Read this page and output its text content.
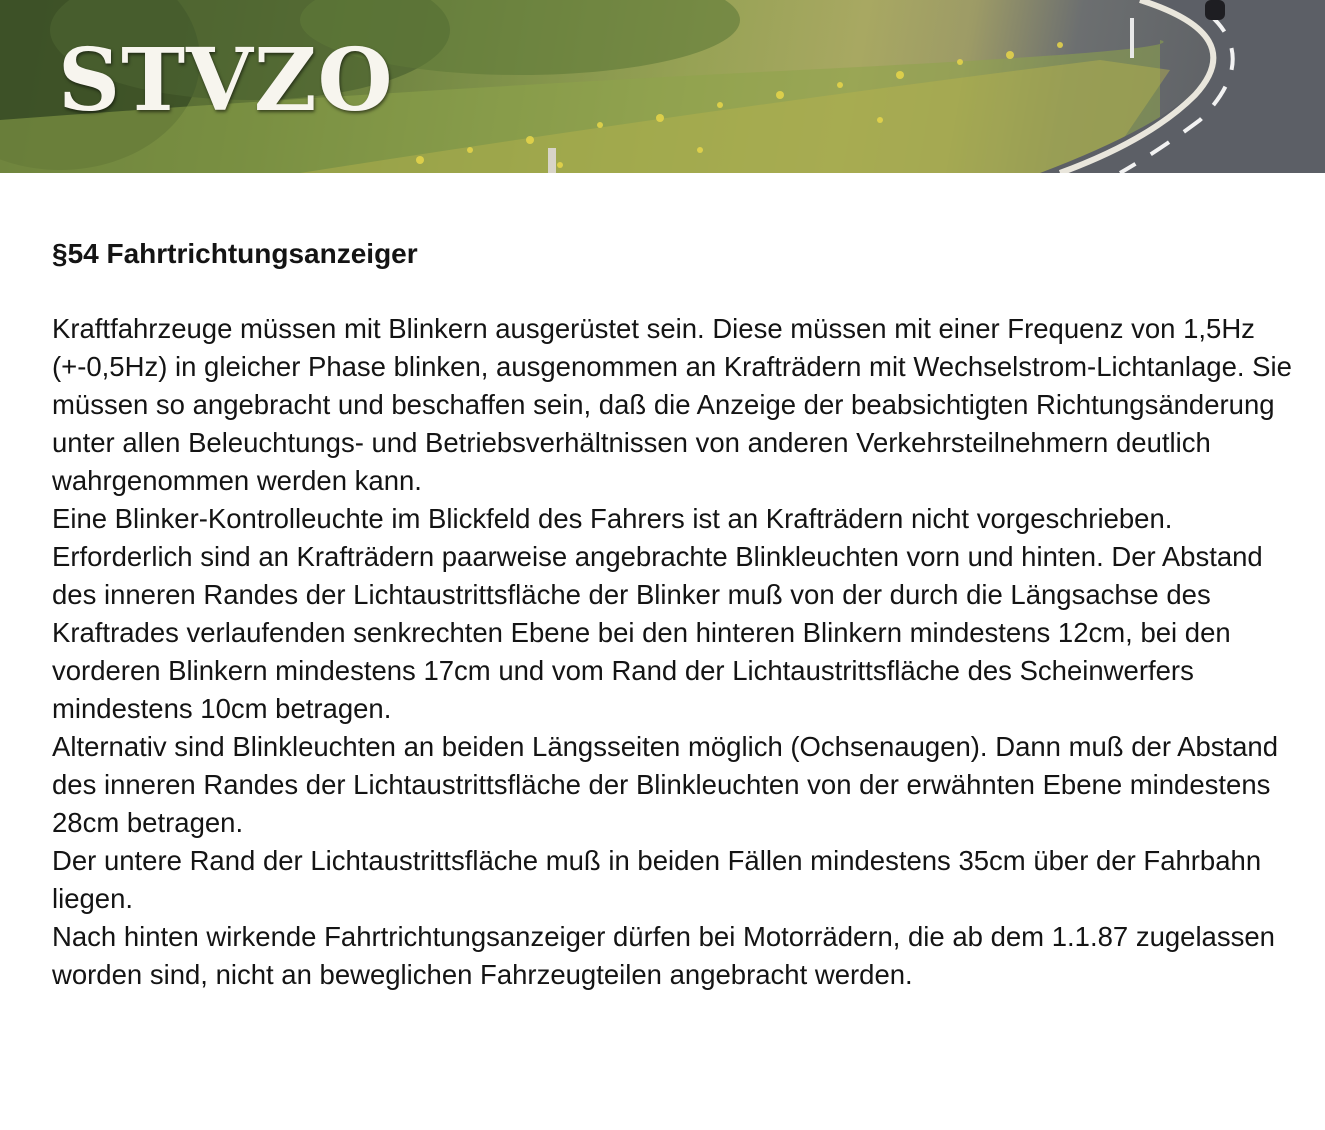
STVZO
§54 Fahrtrichtungsanzeiger

Kraftfahrzeuge müssen mit Blinkern ausgerüstet sein. Diese müssen mit einer Frequenz von 1,5Hz (+-0,5Hz) in gleicher Phase blinken, ausgenommen an Krafträdern mit Wechselstrom-Lichtanlage. Sie müssen so angebracht und beschaffen sein, daß die Anzeige der beabsichtigten Richtungsänderung unter allen Beleuchtungs- und Betriebsverhältnissen von anderen Verkehrsteilnehmern deutlich wahrgenommen werden kann.

Eine Blinker-Kontrolleuchte im Blickfeld des Fahrers ist an Krafträdern nicht vorgeschrieben.

Erforderlich sind an Krafträdern paarweise angebrachte Blinkleuchten vorn und hinten. Der Abstand des inneren Randes der Lichtaustrittsfläche der Blinker muß von der durch die Längsachse des Kraftrades verlaufenden senkrechten Ebene bei den hinteren Blinkern mindestens 12cm, bei den vorderen Blinkern mindestens 17cm und vom Rand der Lichtaustrittsfläche des Scheinwerfers mindestens 10cm betragen.

Alternativ sind Blinkleuchten an beiden Längsseiten möglich (Ochsenaugen). Dann muß der Abstand des inneren Randes der Lichtaustrittsfläche der Blinkleuchten von der erwähnten Ebene mindestens 28cm betragen.

Der untere Rand der Lichtaustrittsfläche muß in beiden Fällen mindestens 35cm über der Fahrbahn liegen.

Nach hinten wirkende Fahrtrichtungsanzeiger dürfen bei Motorrädern, die ab dem 1.1.87 zugelassen worden sind, nicht an beweglichen Fahrzeugteilen angebracht werden.
